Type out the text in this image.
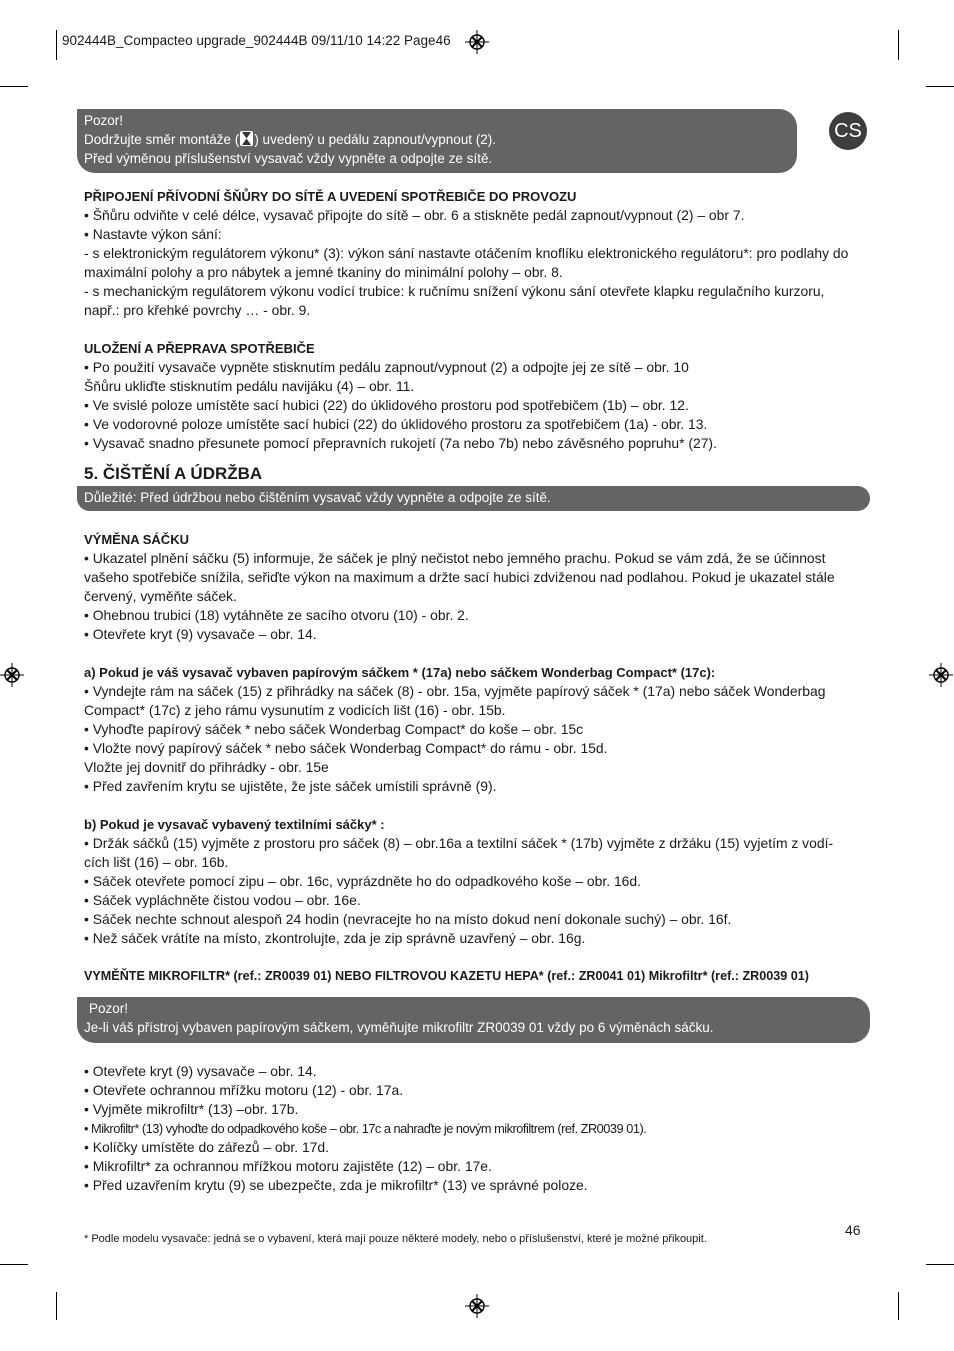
902444B_Compacteo upgrade_902444B 09/11/10 14:22 Page46
CS
Pozor!
Dodržujte směr montáže ( ) uvedený u pedálu zapnout/vypnout (2).
Před výměnou příslušenství vysavač vždy vypněte a odpojte ze sítě.

PŘIPOJENÍ PŘÍVODNÍ ŠŇŮRY DO SÍTĚ A UVEDENÍ SPOTŘEBIČE DO PROVOZU

• Šňůru odviňte v celé délce, vysavač připojte do sítě – obr. 6 a stiskněte pedál zapnout/vypnout (2) – obr 7.

• Nastavte výkon sání:

- s elektronickým regulátorem výkonu* (3): výkon sání nastavte otáčením knoflíku elektronického regulátoru*: pro podlahy do

maximální polohy a pro nábytek a jemné tkaniny do minimální polohy – obr. 8.

- s mechanickým regulátorem výkonu vodící trubice: k ručnímu snížení výkonu sání otevřete klapku regulačního kurzoru,

např.: pro křehké povrchy … - obr. 9.

ULOŽENÍ A PŘEPRAVA SPOTŘEBIČE

• Po použití vysavače vypněte stisknutím pedálu zapnout/vypnout (2) a odpojte jej ze sítě – obr. 10

Šňůru ukliďte stisknutím pedálu navijáku (4) – obr. 11.

• Ve svislé poloze umístěte sací hubici (22) do úklidového prostoru pod spotřebičem (1b) – obr. 12.

• Ve vodorovné poloze umístěte sací hubici (22) do úklidového prostoru za spotřebičem (1a) - obr. 13.

• Vysavač snadno přesunete pomocí přepravních rukojetí (7a nebo 7b) nebo závěsného popruhu* (27).

5. ČIŠTĚNÍ A ÚDRŽBA

Důležité: Před údržbou nebo čištěním vysavač vždy vypněte a odpojte ze sítě.

VÝMĚNA SÁČKU

• Ukazatel plnění sáčku (5) informuje, že sáček je plný nečistot nebo jemného prachu. Pokud se vám zdá, že se účinnost

vašeho spotřebiče snížila, seřiďte výkon na maximum a držte sací hubici zdviženou nad podlahou. Pokud je ukazatel stále

červený, vyměňte sáček.

• Ohebnou trubici (18) vytáhněte ze sacího otvoru (10) - obr. 2.

• Otevřete kryt (9) vysavače – obr. 14.

a) Pokud je váš vysavač vybaven papírovým sáčkem * (17a) nebo sáčkem Wonderbag Compact* (17c):

• Vyndejte rám na sáček (15) z přihrádky na sáček (8) - obr. 15a, vyjměte papírový sáček * (17a) nebo sáček Wonderbag

Compact* (17c) z jeho rámu vysunutím z vodicích lišt (16) - obr. 15b.

• Vyhoďte papírový sáček * nebo sáček Wonderbag Compact* do koše – obr. 15c

• Vložte nový papírový sáček * nebo sáček Wonderbag Compact* do rámu - obr. 15d.

Vložte jej dovnitř do přihrádky - obr. 15e

• Před zavřením krytu se ujistěte, že jste sáček umístili správně (9).

b) Pokud je vysavač vybavený textilními sáčky* :

• Držák sáčků (15) vyjměte z prostoru pro sáček (8) – obr.16a a textilní sáček * (17b) vyjměte z držáku (15) vyjetím z vodí-

cích lišt (16) – obr. 16b.

• Sáček otevřete pomocí zipu – obr. 16c, vyprázdněte ho do odpadkového koše – obr. 16d.

• Sáček vypláchněte čistou vodou – obr. 16e.

• Sáček nechte schnout alespoň 24 hodin (nevracejte ho na místo dokud není dokonale suchý) – obr. 16f.

• Než sáček vrátíte na místo, zkontrolujte, zda je zip správně uzavřený – obr. 16g.

VYMĚŇTE MIKROFILTR* (ref.: ZR0039 01) NEBO FILTROVOU KAZETU HEPA* (ref.: ZR0041 01) Mikrofiltr* (ref.: ZR0039 01)

Pozor!
Je-li váš přístroj vybaven papírovým sáčkem, vyměňujte mikrofiltr ZR0039 01 vždy po 6 výměnách sáčku.

• Otevřete kryt (9) vysavače – obr. 14.

• Otevřete ochrannou mřížku motoru (12) - obr. 17a.

• Vyjměte mikrofiltr* (13) –obr. 17b.

• Mikrofiltr* (13) vyhoďte do odpadkového koše – obr. 17c a nahraďte je novým mikrofiltrem (ref. ZR0039 01).

• Kolíčky umístěte do zářezů – obr. 17d.

• Mikrofiltr* za ochrannou mřížkou motoru zajistěte (12) – obr. 17e.

• Před uzavřením krytu (9) se ubezpečte, zda je mikrofiltr* (13) ve správné poloze.

46
* Podle modelu vysavače: jedná se o vybavení, která mají pouze některé modely, nebo o příslušenství, které je možné přikoupit.
